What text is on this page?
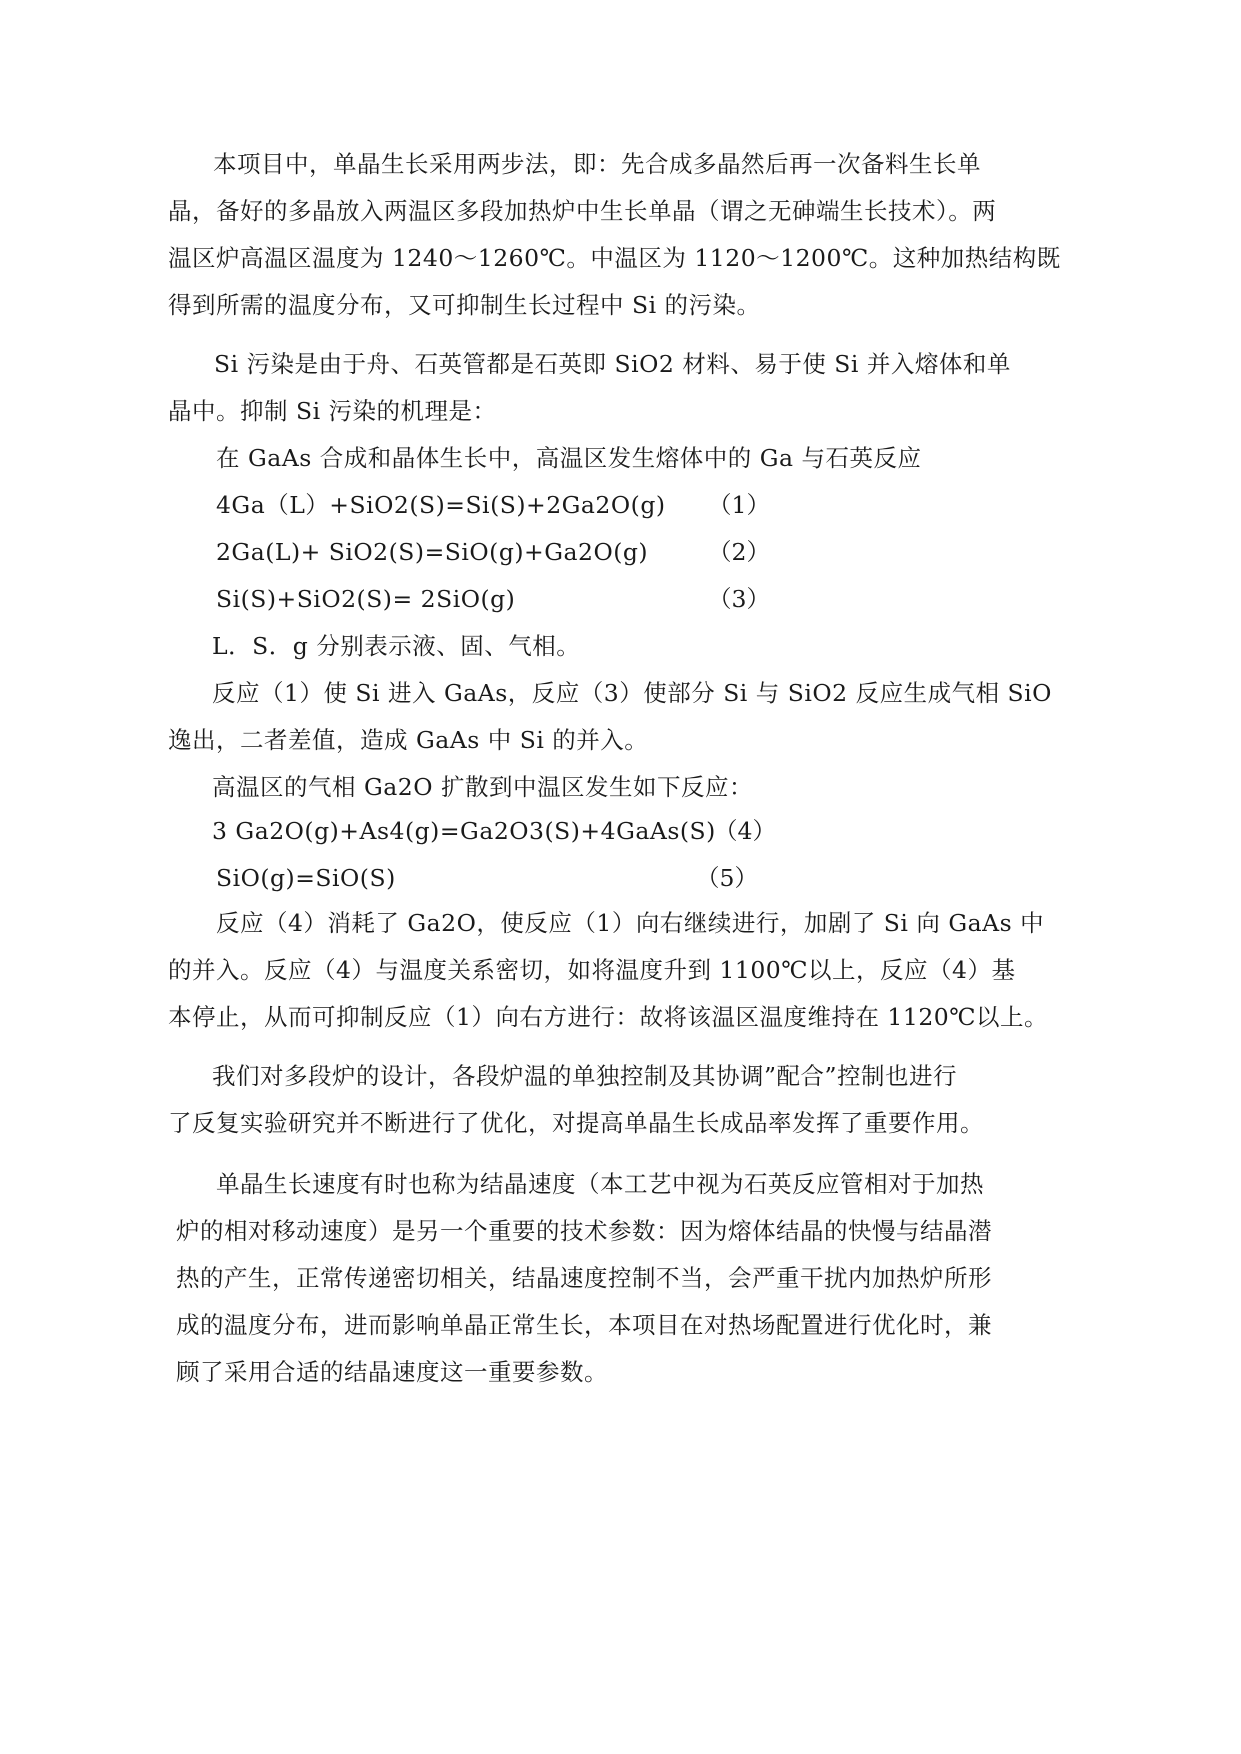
本项目中，单晶生长采用两步法，即：先合成多晶然后再一次备料生长单
晶，备好的多晶放入两温区多段加热炉中生长单晶（谓之无砷端生长技术）。两
温区炉高温区温度为 1240～1260℃。中温区为 1120～1200℃。这种加热结构既
得到所需的温度分布，又可抑制生长过程中 Si 的污染。
Si 污染是由于舟、石英管都是石英即 SiO2 材料、易于使 Si 并入熔体和单
晶中。抑制 Si 污染的机理是：
在 GaAs 合成和晶体生长中，高温区发生熔体中的 Ga 与石英反应
4Ga（L）+SiO2(S)=Si(S)+2Ga2O(g) （1）
2Ga(L)+ SiO2(S)=SiO(g)+Ga2O(g)	（2）
Si(S)+SiO2(S)= 2SiO(g)	（3）
L．S．g 分别表示液、固、气相。
反应（1）使 Si 进入 GaAs，反应（3）使部分 Si 与 SiO2 反应生成气相 SiO
逸出，二者差值，造成 GaAs 中 Si 的并入。
高温区的气相 Ga2O 扩散到中温区发生如下反应：
3 Ga2O(g)+As4(g)=Ga2O3(S)+4GaAs(S)
（4）
SiO(g)=SiO(S)	（5）
反应（4）消耗了 Ga2O，使反应（1）向右继续进行，加剧了 Si 向 GaAs 中
的并入。反应（4）与温度关系密切，如将温度升到 1100℃以上，反应（4）基
本停止，从而可抑制反应（1）向右方进行：故将该温区温度维持在 1120℃以上。
我们对多段炉的设计，各段炉温的单独控制及其协调”配合”控制也进行
了反复实验研究并不断进行了优化，对提高单晶生长成品率发挥了重要作用。
单晶生长速度有时也称为结晶速度（本工艺中视为石英反应管相对于加热
炉的相对移动速度）是另一个重要的技术参数：因为熔体结晶的快慢与结晶潜
热的产生，正常传递密切相关，结晶速度控制不当，会严重干扰内加热炉所形
成的温度分布，进而影响单晶正常生长，本项目在对热场配置进行优化时，兼
顾了采用合适的结晶速度这一重要参数。
